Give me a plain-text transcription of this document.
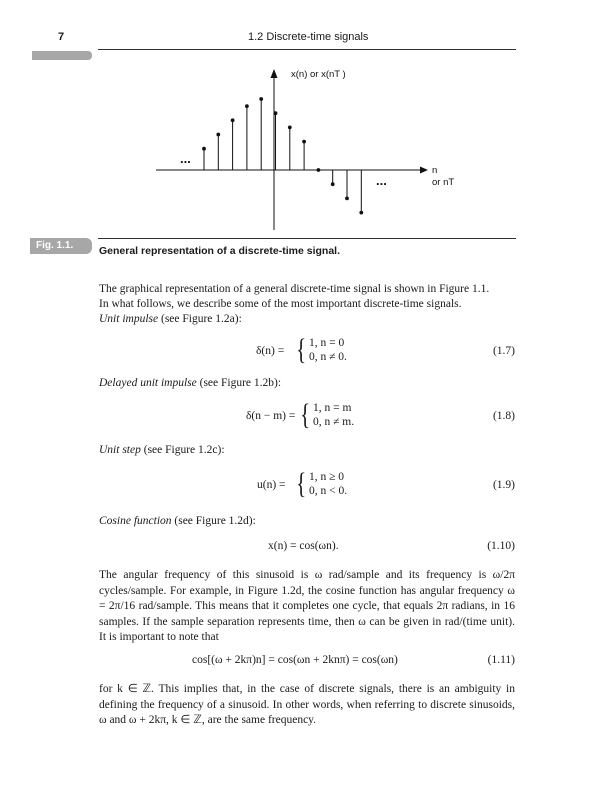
7	1.2 Discrete-time signals
x(n) or x(nT )
n
or nT
...
...
Fig. 1.1.	General representation of a discrete-time signal.
The graphical representation of a general discrete-time signal is shown in Figure 1.1.
In what follows, we describe some of the most important discrete-time signals.
Unit impulse (see Figure 1.2a):
δ(n) = { 1, n = 0
0, n ≠ 0.	(1.7)
Delayed unit impulse (see Figure 1.2b):
δ(n − m) = { 1, n = m
0, n ≠ m.	(1.8)
Unit step (see Figure 1.2c):
u(n) = { 1, n ≥ 0
0, n < 0.	(1.9)
Cosine function (see Figure 1.2d):
x(n) = cos(ωn).	(1.10)
The angular frequency of this sinusoid is ω rad/sample and its frequency is ω/2π cycles/sample. For example, in Figure 1.2d, the cosine function has angular frequency ω = 2π/16 rad/sample. This means that it completes one cycle, that equals 2π radians, in 16 samples. If the sample separation represents time, then ω can be given in rad/(time unit). It is important to note that
cos[(ω + 2kπ)n] = cos(ωn + 2knπ) = cos(ωn)	(1.11)
for k ∈ ℤ. This implies that, in the case of discrete signals, there is an ambiguity in defining the frequency of a sinusoid. In other words, when referring to discrete sinusoids, ω and ω + 2kπ, k ∈ ℤ, are the same frequency.
